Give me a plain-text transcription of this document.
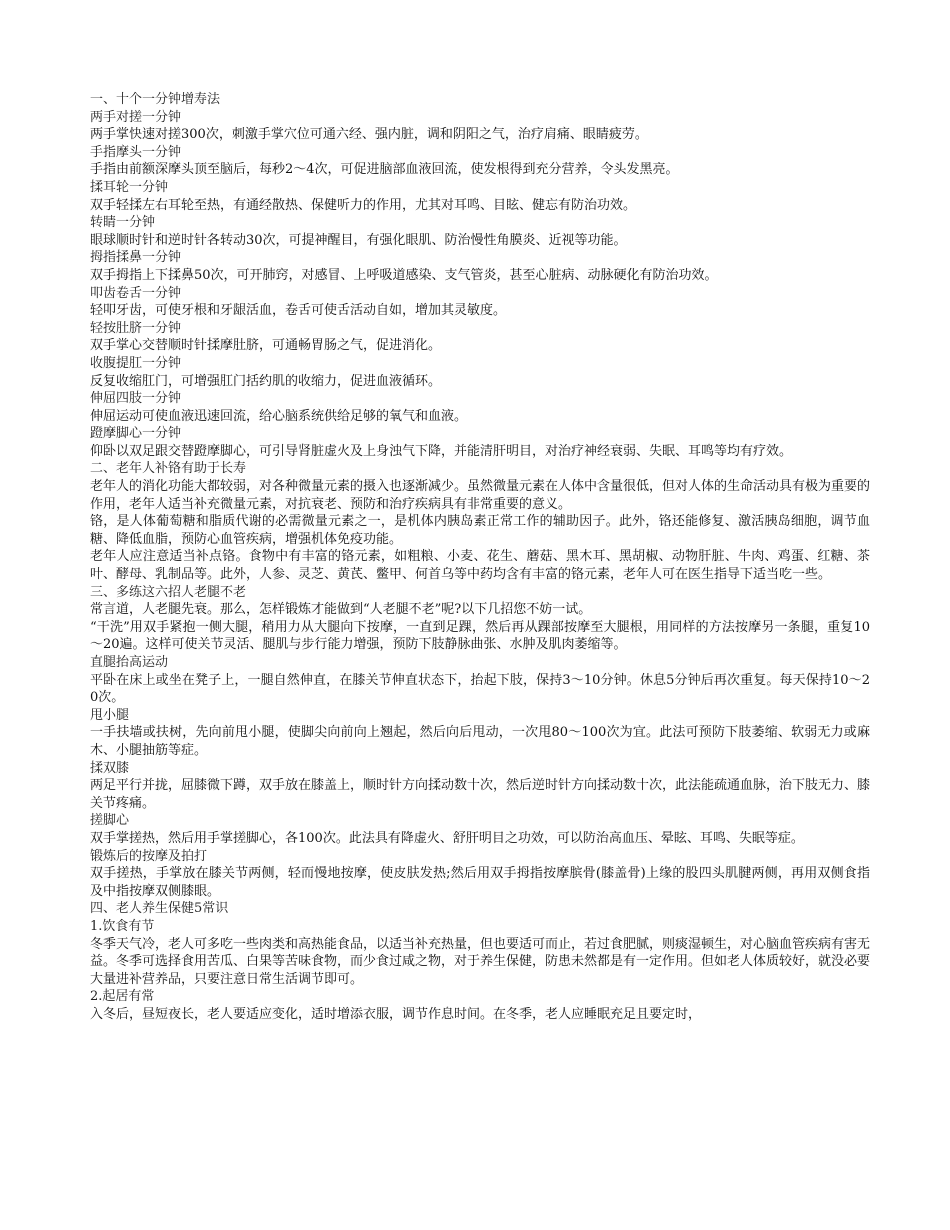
一、十个一分钟增寿法

两手对搓一分钟

两手掌快速对搓300次，刺激手掌穴位可通六经、强内脏，调和阴阳之气，治疗肩痛、眼睛疲劳。

手指摩头一分钟

手指由前额深摩头顶至脑后，每秒2～4次，可促进脑部血液回流，使发根得到充分营养，令头发黑亮。

揉耳轮一分钟

双手轻揉左右耳轮至热，有通经散热、保健听力的作用，尤其对耳鸣、目眩、健忘有防治功效。

转睛一分钟

眼球顺时针和逆时针各转动30次，可提神醒目，有强化眼肌、防治慢性角膜炎、近视等功能。

拇指揉鼻一分钟

双手拇指上下揉鼻50次，可开肺窍，对感冒、上呼吸道感染、支气管炎，甚至心脏病、动脉硬化有防治功效。

叩齿卷舌一分钟

轻叩牙齿，可使牙根和牙龈活血，卷舌可使舌活动自如，增加其灵敏度。

轻按肚脐一分钟

双手掌心交替顺时针揉摩肚脐，可通畅胃肠之气，促进消化。

收腹提肛一分钟

反复收缩肛门，可增强肛门括约肌的收缩力，促进血液循环。

伸屈四肢一分钟

伸屈运动可使血液迅速回流，给心脑系统供给足够的氧气和血液。

蹬摩脚心一分钟

仰卧以双足跟交替蹬摩脚心，可引导肾脏虚火及上身浊气下降，并能清肝明目，对治疗神经衰弱、失眠、耳鸣等均有疗效。

二、老年人补铬有助于长寿

老年人的消化功能大都较弱，对各种微量元素的摄入也逐渐减少。虽然微量元素在人体中含量很低，但对人体的生命活动具有极为重要的作用，老年人适当补充微量元素，对抗衰老、预防和治疗疾病具有非常重要的意义。

铬，是人体葡萄糖和脂质代谢的必需微量元素之一，是机体内胰岛素正常工作的辅助因子。此外，铬还能修复、激活胰岛细胞，调节血糖、降低血脂，预防心血管疾病，增强机体免疫功能。

老年人应注意适当补点铬。食物中有丰富的铬元素，如粗粮、小麦、花生、蘑菇、黑木耳、黑胡椒、动物肝脏、牛肉、鸡蛋、红糖、茶叶、酵母、乳制品等。此外，人参、灵芝、黄芪、鳖甲、何首乌等中药均含有丰富的铬元素，老年人可在医生指导下适当吃一些。

三、多练这六招人老腿不老

常言道，人老腿先衰。那么，怎样锻炼才能做到“人老腿不老”呢?以下几招您不妨一试。

“干洗”用双手紧抱一侧大腿，稍用力从大腿向下按摩，一直到足踝，然后再从踝部按摩至大腿根，用同样的方法按摩另一条腿，重复10～20遍。这样可使关节灵活、腿肌与步行能力增强，预防下肢静脉曲张、水肿及肌肉萎缩等。

直腿抬高运动

平卧在床上或坐在凳子上，一腿自然伸直，在膝关节伸直状态下，抬起下肢，保持3～10分钟。休息5分钟后再次重复。每天保持10～20次。

甩小腿

一手扶墙或扶树，先向前甩小腿，使脚尖向前向上翘起，然后向后甩动，一次甩80～100次为宜。此法可预防下肢萎缩、软弱无力或麻木、小腿抽筋等症。

揉双膝

两足平行并拢，屈膝微下蹲，双手放在膝盖上，顺时针方向揉动数十次，然后逆时针方向揉动数十次，此法能疏通血脉，治下肢无力、膝关节疼痛。

搓脚心

双手掌搓热，然后用手掌搓脚心，各100次。此法具有降虚火、舒肝明目之功效，可以防治高血压、晕眩、耳鸣、失眠等症。

锻炼后的按摩及拍打

双手搓热，手掌放在膝关节两侧，轻而慢地按摩，使皮肤发热;然后用双手拇指按摩膑骨(膝盖骨)上缘的股四头肌腱两侧，再用双侧食指及中指按摩双侧膝眼。

四、老人养生保健5常识

1.饮食有节

冬季天气冷，老人可多吃一些肉类和高热能食品，以适当补充热量，但也要适可而止，若过食肥腻，则痰湿顿生，对心脑血管疾病有害无益。冬季可选择食用苦瓜、白果等苦味食物，而少食过咸之物，对于养生保健，防患未然都是有一定作用。但如老人体质较好，就没必要大量进补营养品，只要注意日常生活调节即可。

2.起居有常

入冬后，昼短夜长，老人要适应变化，适时增添衣服，调节作息时间。在冬季，老人应睡眠充足且要定时，
